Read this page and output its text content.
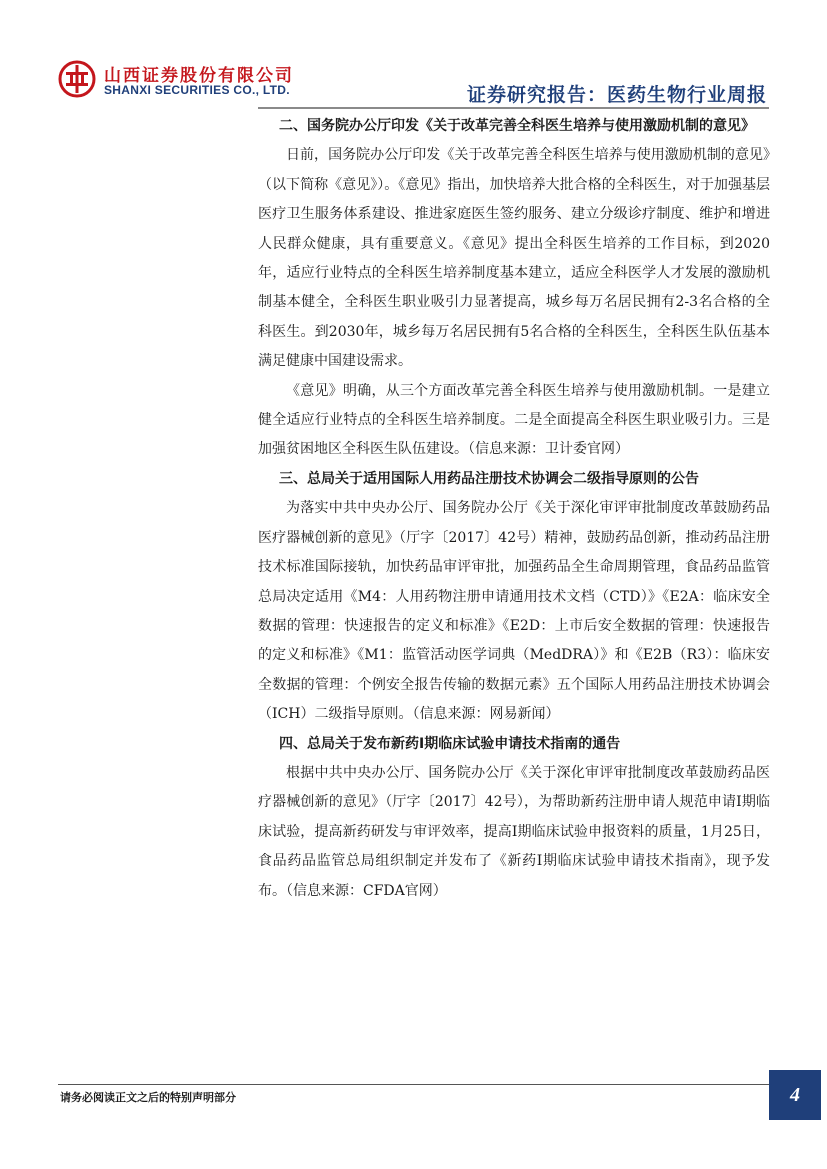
山西证券股份有限公司
SHANXI SECURITIES CO., LTD.	证券研究报告：医药生物行业周报
二、国务院办公厅印发《关于改革完善全科医生培养与使用激励机制的意见》

日前，国务院办公厅印发《关于改革完善全科医生培养与使用激励机制的意见》（以下简称《意见》）。《意见》指出，加快培养大批合格的全科医生，对于加强基层医疗卫生服务体系建设、推进家庭医生签约服务、建立分级诊疗制度、维护和增进人民群众健康，具有重要意义。《意见》提出全科医生培养的工作目标，到2020年，适应行业特点的全科医生培养制度基本建立，适应全科医学人才发展的激励机制基本健全，全科医生职业吸引力显著提高，城乡每万名居民拥有2-3名合格的全科医生。到2030年，城乡每万名居民拥有5名合格的全科医生，全科医生队伍基本满足健康中国建设需求。

《意见》明确，从三个方面改革完善全科医生培养与使用激励机制。一是建立健全适应行业特点的全科医生培养制度。二是全面提高全科医生职业吸引力。三是加强贫困地区全科医生队伍建设。（信息来源：卫计委官网）

三、总局关于适用国际人用药品注册技术协调会二级指导原则的公告

为落实中共中央办公厅、国务院办公厅《关于深化审评审批制度改革鼓励药品医疗器械创新的意见》（厅字〔2017〕42号）精神，鼓励药品创新，推动药品注册技术标准国际接轨，加快药品审评审批，加强药品全生命周期管理，食品药品监管总局决定适用《M4：人用药物注册申请通用技术文档（CTD）》《E2A：临床安全数据的管理：快速报告的定义和标准》《E2D：上市后安全数据的管理：快速报告的定义和标准》《M1：监管活动医学词典（MedDRA）》和《E2B（R3）：临床安全数据的管理：个例安全报告传输的数据元素》五个国际人用药品注册技术协调会（ICH）二级指导原则。（信息来源：网易新闻）

四、总局关于发布新药I期临床试验申请技术指南的通告

根据中共中央办公厅、国务院办公厅《关于深化审评审批制度改革鼓励药品医疗器械创新的意见》（厅字〔2017〕42号），为帮助新药注册申请人规范申请I期临床试验，提高新药研发与审评效率，提高I期临床试验申报资料的质量，1月25日，食品药品监管总局组织制定并发布了《新药I期临床试验申请技术指南》，现予发布。（信息来源：CFDA官网）

请务必阅读正文之后的特别声明部分	4
